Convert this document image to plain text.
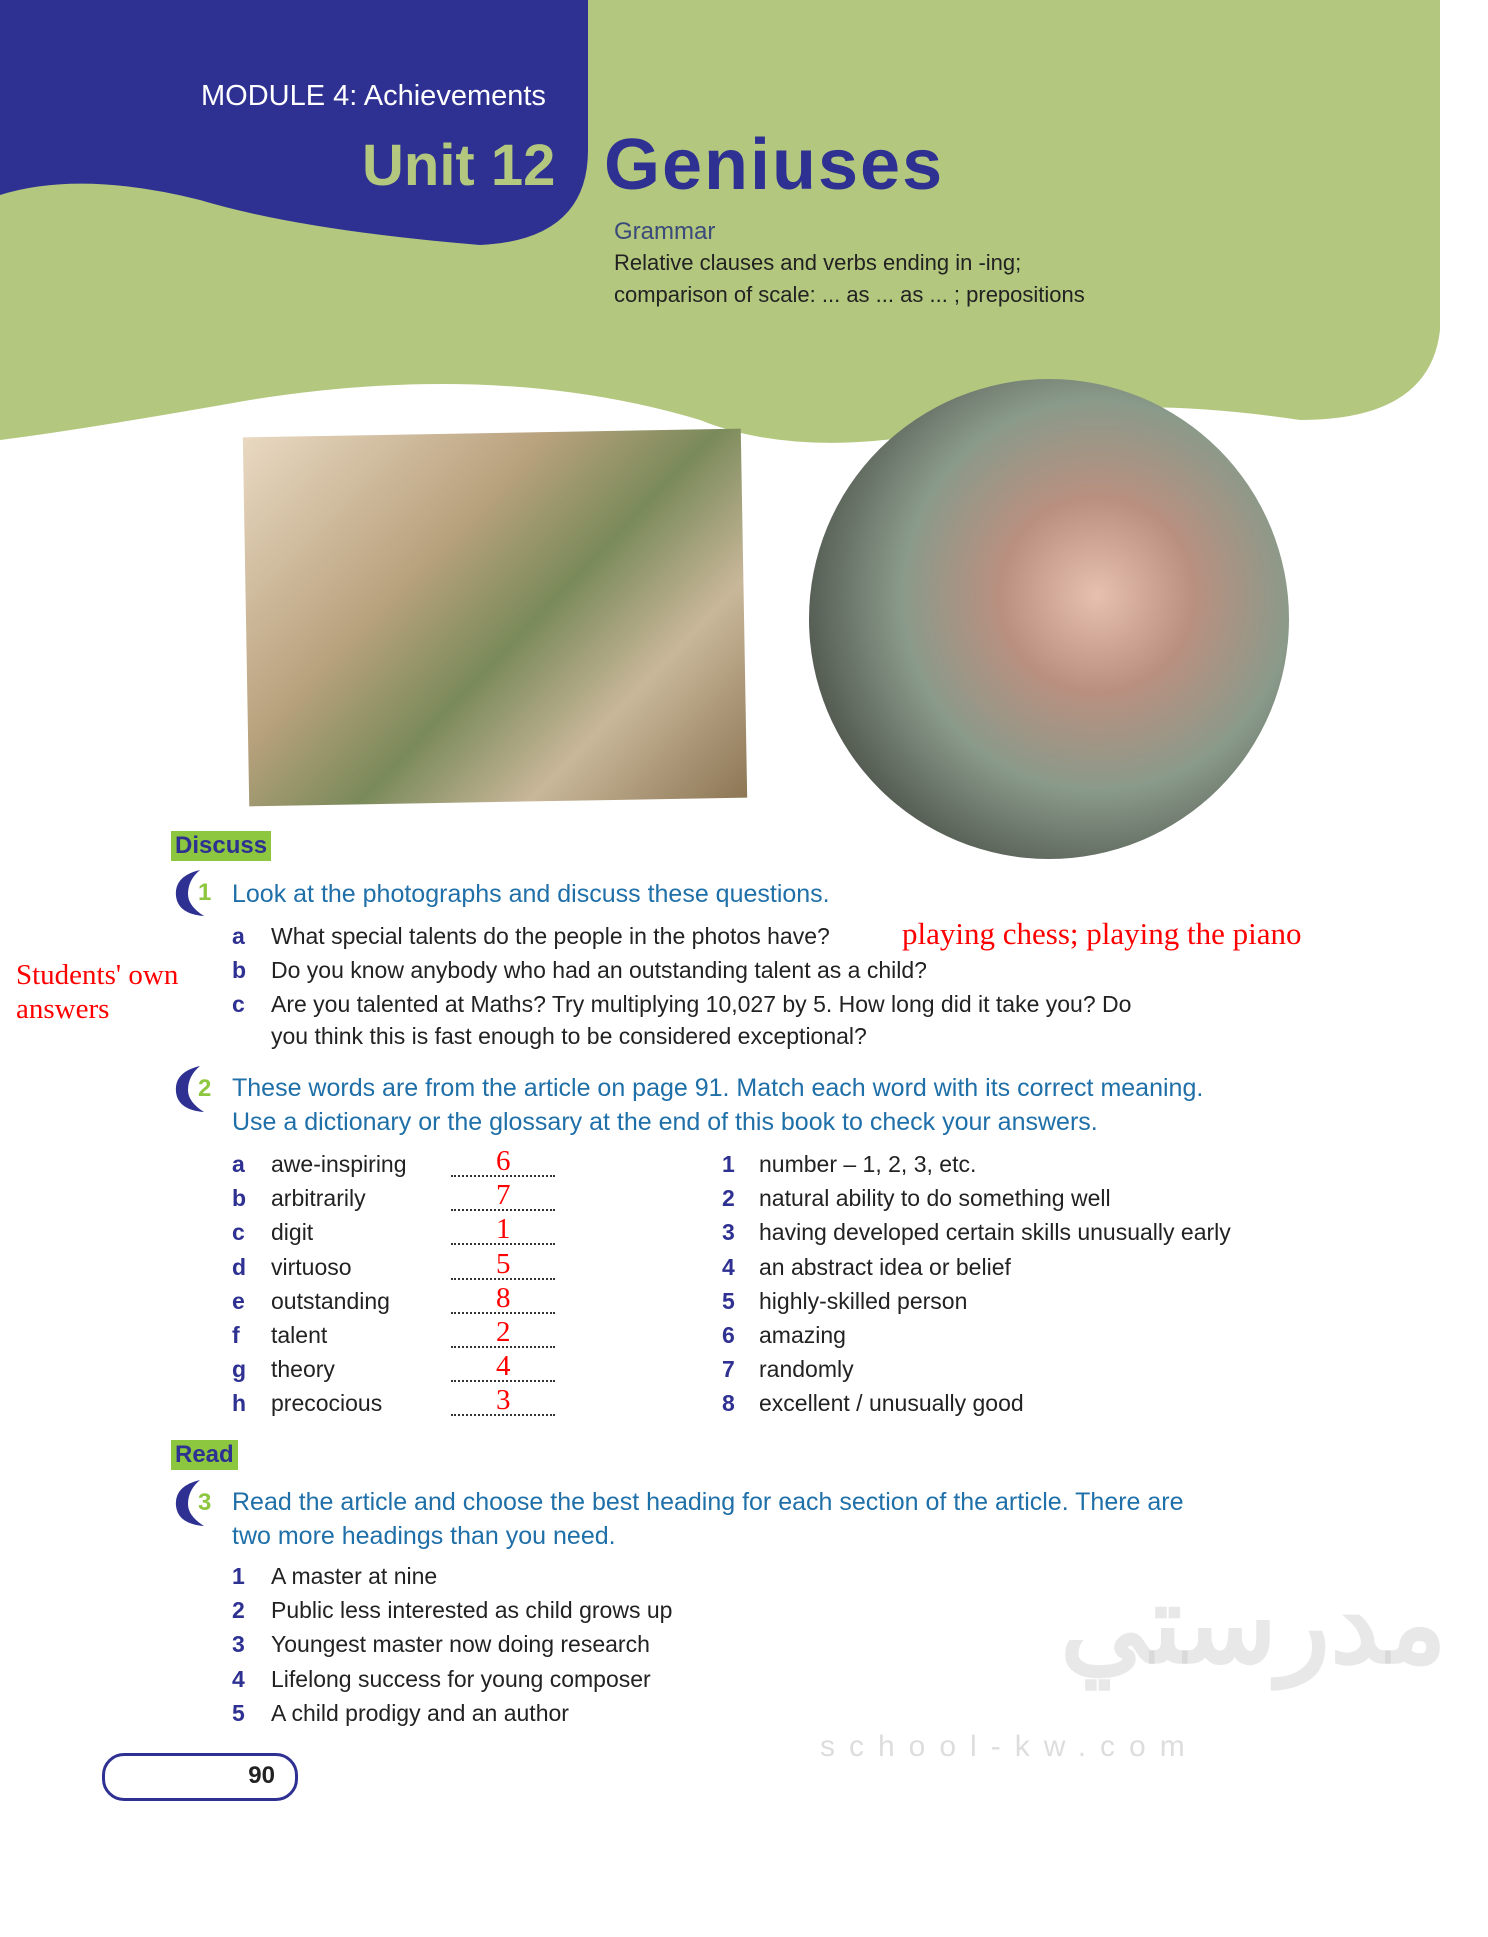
MODULE 4: Achievements
Unit 12 Geniuses
Grammar
Relative clauses and verbs ending in -ing;
comparison of scale: ... as ... as ... ; prepositions
مدرستي
school-kw.com
Discuss
1 Look at the photographs and discuss these questions.
a What special talents do the people in the photos have? playing chess; playing the piano
b Do you know anybody who had an outstanding talent as a child?
c Are you talented at Maths? Try multiplying 10,027 by 5. How long did it take you? Do
you think this is fast enough to be considered exceptional?
Students' own answers
2 These words are from the article on page 91. Match each word with its correct meaning.
Use a dictionary or the glossary at the end of this book to check your answers.
a awe-inspiring	6
b arbitrarily	7
c digit	1
d virtuoso	5
e outstanding	8
f talent	2
g theory	4
h precocious	3
1 number – 1, 2, 3, etc.
2 natural ability to do something well
3 having developed certain skills unusually early
4 an abstract idea or belief
5 highly-skilled person
6 amazing
7 randomly
8 excellent / unusually good
Read
3 Read the article and choose the best heading for each section of the article. There are
two more headings than you need.
1 A master at nine
2 Public less interested as child grows up
3 Youngest master now doing research
4 Lifelong success for young composer
5 A child prodigy and an author
90
